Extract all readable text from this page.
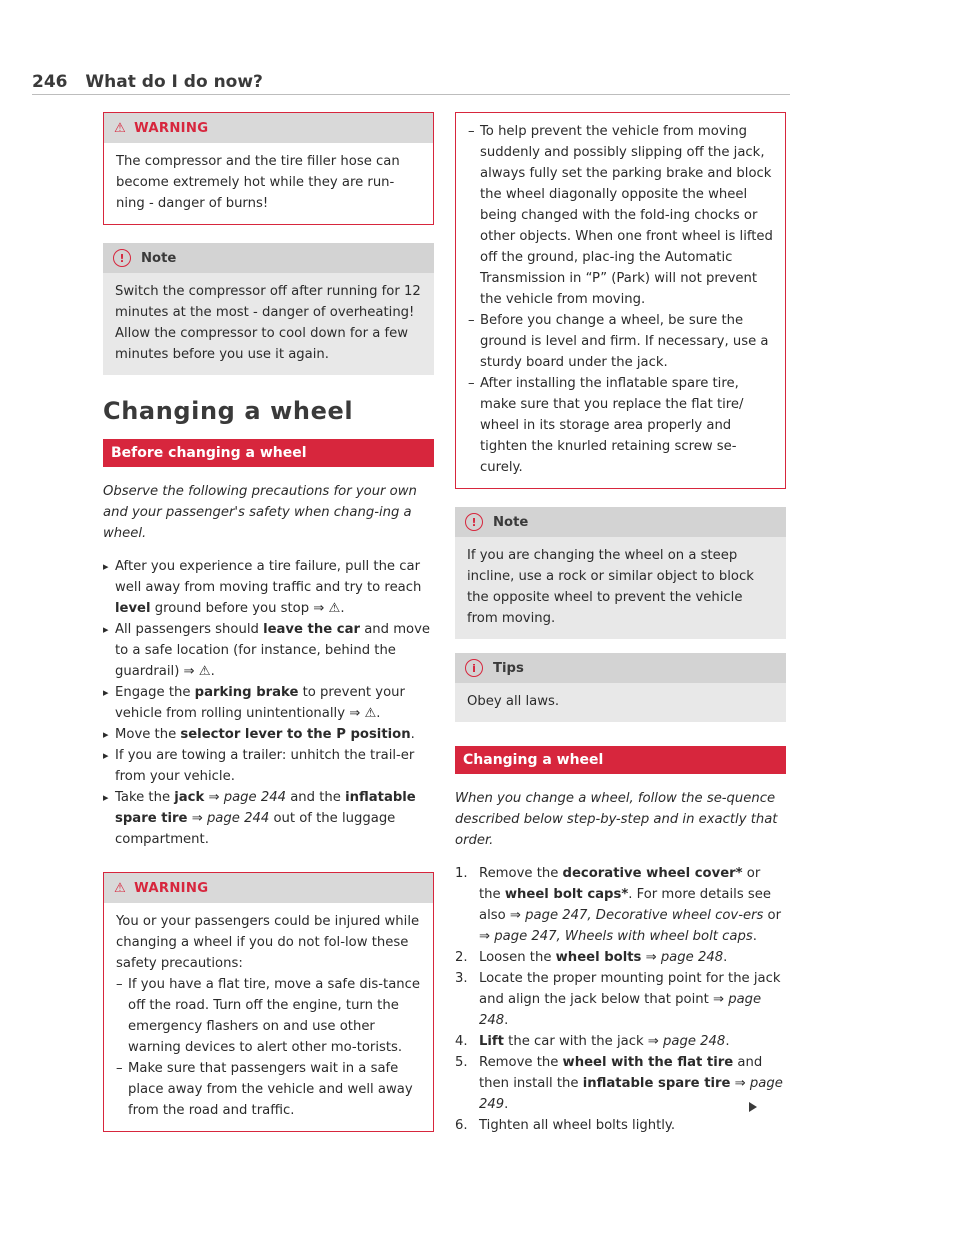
246 What do I do now?
⚠ WARNING
The compressor and the tire filler hose can become extremely hot while they are run-ning - danger of burns!
!	Note
Switch the compressor off after running for 12 minutes at the most - danger of overheating! Allow the compressor to cool down for a few minutes before you use it again.
Changing a wheel
Before changing a wheel

Observe the following precautions for your own and your passenger's safety when chang-ing a wheel.

▸ After you experience a tire failure, pull the car well away from moving traffic and try to reach level ground before you stop ⇒ ⚠.
▸ All passengers should leave the car and move to a safe location (for instance, behind the guardrail) ⇒ ⚠.
▸ Engage the parking brake to prevent your vehicle from rolling unintentionally ⇒ ⚠.
▸ Move the selector lever to the P position.
▸ If you are towing a trailer: unhitch the trail-er from your vehicle.
▸ Take the jack ⇒ page 244 and the inflatable spare tire ⇒ page 244 out of the luggage compartment.
⚠ WARNING
You or your passengers could be injured while changing a wheel if you do not fol-low these safety precautions:
– If you have a flat tire, move a safe dis-tance off the road. Turn off the engine, turn the emergency flashers on and use other warning devices to alert other mo-torists.
– Make sure that passengers wait in a safe place away from the vehicle and well away from the road and traffic.
– To help prevent the vehicle from moving suddenly and possibly slipping off the jack, always fully set the parking brake and block the wheel diagonally opposite the wheel being changed with the fold-ing chocks or other objects. When one front wheel is lifted off the ground, plac-ing the Automatic Transmission in “P” (Park) will not prevent the vehicle from moving.
– Before you change a wheel, be sure the ground is level and firm. If necessary, use a sturdy board under the jack.
– After installing the inflatable spare tire, make sure that you replace the flat tire/ wheel in its storage area properly and tighten the knurled retaining screw se-curely.
!	Note
If you are changing the wheel on a steep incline, use a rock or similar object to block the opposite wheel to prevent the vehicle from moving.
i	Tips
Obey all laws.
Changing a wheel

When you change a wheel, follow the se-quence described below step-by-step and in exactly that order.

1. Remove the decorative wheel cover* or the wheel bolt caps*. For more details see also ⇒ page 247, Decorative wheel cov-ers or ⇒ page 247, Wheels with wheel bolt caps.
2. Loosen the wheel bolts ⇒ page 248.
3. Locate the proper mounting point for the jack and align the jack below that point ⇒ page 248.
4. Lift the car with the jack ⇒ page 248.
5. Remove the wheel with the flat tire and then install the inflatable spare tire ⇒ page 249.
6. Tighten all wheel bolts lightly.
